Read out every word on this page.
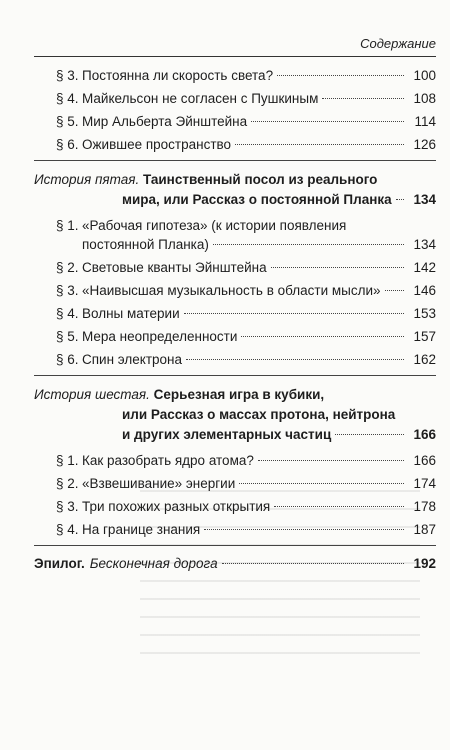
Содержание
§ 3. Постоянна ли скорость света?	100
§ 4. Майкельсон не согласен с Пушкиным	108
§ 5. Мир Альберта Эйнштейна	114
§ 6. Ожившее пространство	126
История пятая. Таинственный посол из реального
мира, или Рассказ о постоянной Планка	134
§ 1. «Рабочая гипотеза» (к истории появления
постоянной Планка)	134
§ 2. Световые кванты Эйнштейна	142
§ 3. «Наивысшая музыкальность в области мысли»	146
§ 4. Волны материи	153
§ 5. Мера неопределенности	157
§ 6. Спин электрона	162
История шестая. Серьезная игра в кубики,
или Рассказ о массах протона, нейтрона
и других элементарных частиц	166
§ 1. Как разобрать ядро атома?	166
§ 2. «Взвешивание» энергии	174
§ 3. Три похожих разных открытия	178
§ 4. На границе знания	187
Эпилог. Бесконечная дорога	192
